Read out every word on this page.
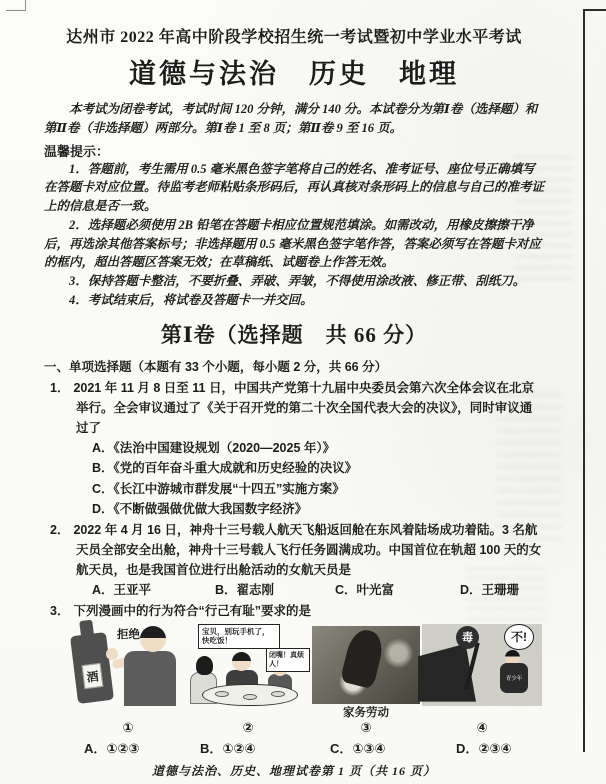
达州市 2022 年高中阶段学校招生统一考试暨初中学业水平考试
道德与法治　历史　地理
本考试为闭卷考试，考试时间 120 分钟，满分 140 分。本试卷分为第Ⅰ卷（选择题）和第Ⅱ卷（非选择题）两部分。第Ⅰ卷 1 至 8 页；第Ⅱ卷 9 至 16 页。
温馨提示：
1．答题前，考生需用 0.5 毫米黑色签字笔将自己的姓名、准考证号、座位号正确填写在答题卡对应位置。待监考老师粘贴条形码后，再认真核对条形码上的信息与自己的准考证上的信息是否一致。
2．选择题必须使用 2B 铅笔在答题卡相应位置规范填涂。如需改动，用橡皮擦擦干净后，再选涂其他答案标号；非选择题用 0.5 毫米黑色签字笔作答，答案必须写在答题卡对应的框内，超出答题区答案无效；在草稿纸、试题卷上作答无效。
3．保持答题卡整洁，不要折叠、弄破、弄皱，不得使用涂改液、修正带、刮纸刀。
4．考试结束后，将试卷及答题卡一并交回。
第Ⅰ卷（选择题　共 66 分）
一、单项选择题（本题有 33 个小题，每小题 2 分，共 66 分）
1． 2021 年 11 月 8 日至 11 日，中国共产党第十九届中央委员会第六次全体会议在北京举行。全会审议通过了《关于召开党的第二十次全国代表大会的决议》，同时审议通过了
A．《法治中国建设规划（2020—2025 年）》
B．《党的百年奋斗重大成就和历史经验的决议》
C．《长江中游城市群发展“十四五”实施方案》
D．《不断做强做优做大我国数字经济》
2． 2022 年 4 月 16 日，神舟十三号载人航天飞船返回舱在东风着陆场成功着陆。3 名航天员全部安全出舱，神舟十三号载人飞行任务圆满成功。中国首位在轨超 100 天的女航天员，也是我国首位进行出舱活动的女航天员是
A．王亚平	B．翟志刚	C．叶光富	D．王珊珊
3． 下列漫画中的行为符合“行己有耻”要求的是
酒
拒绝
①
宝贝，别玩手机了，快吃饭！
闭嘴！真烦人！
②
家务劳动
③
毒	不!
青少年
④
A．①②③	B．①②④	C．①③④	D．②③④
道德与法治、历史、地理试卷第 1 页（共 16 页）
